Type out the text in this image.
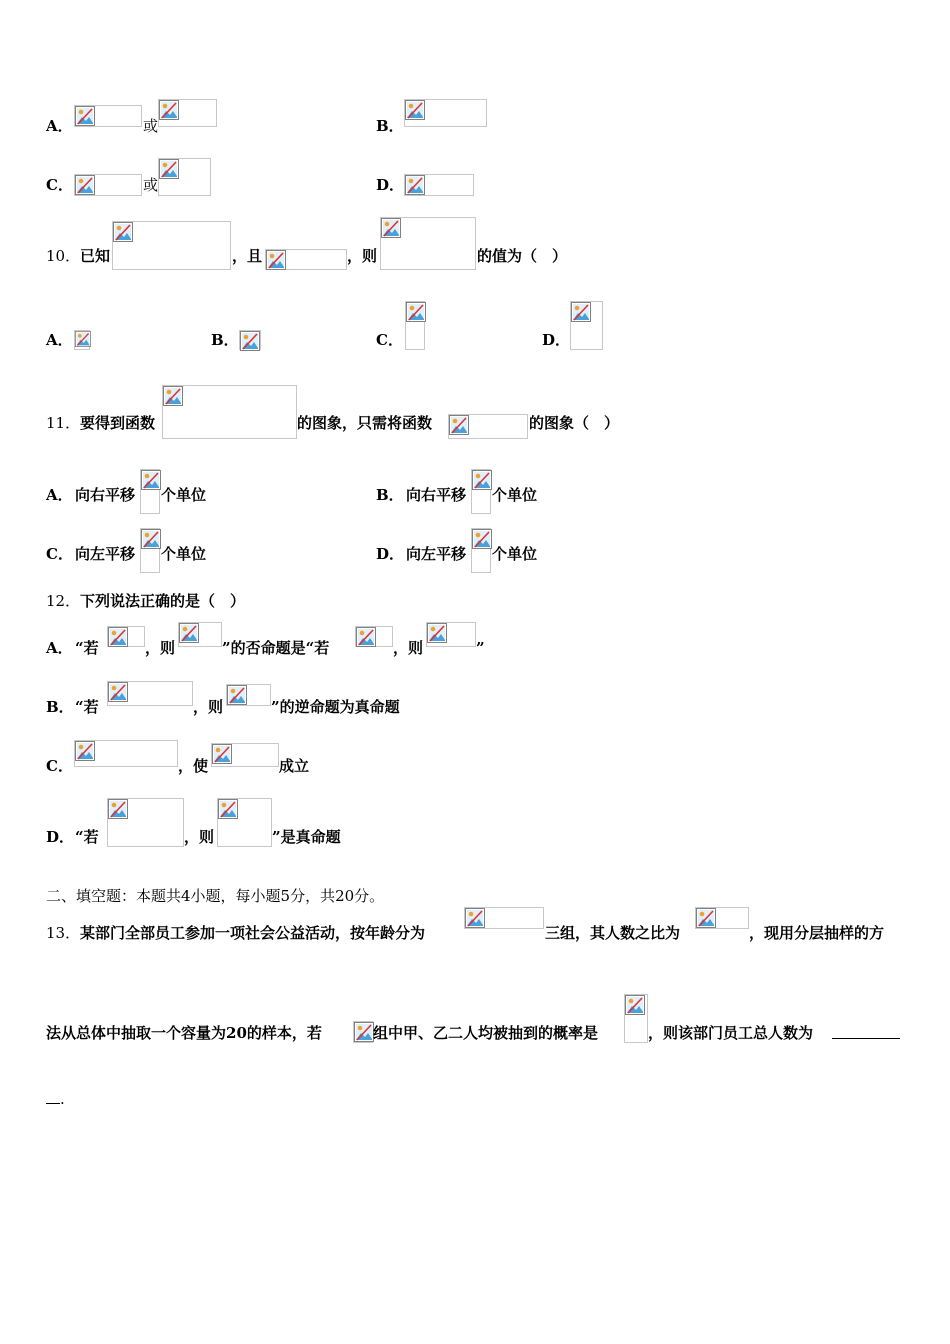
A．	或	B．
C．	或	D．
10． 已知	，且	，则	的值为（　）
A．	B．	C．	D．
11． 要得到函数	的图象，只需将函数	的图象（　）
A． 向右平移 个单位	B． 向右平移 个单位
C． 向左平移 个单位	D． 向左平移 个单位
12． 下列说法正确的是（　）
A． “若	，则	”的否命题是“若	，则	”
B． “若	，则	”的逆命题为真命题
C．	，使	成立
D． “若	，则	”是真命题
二、填空题：本题共4小题，每小题5分，共20分。
13． 某部门全部员工参加一项社会公益活动，按年龄分为	三组，其人数之比为	，现用分层抽样的方
法从总体中抽取一个容量为20的样本，若	组中甲、乙二人均被抽到的概率是	，则该部门员工总人数为
.
